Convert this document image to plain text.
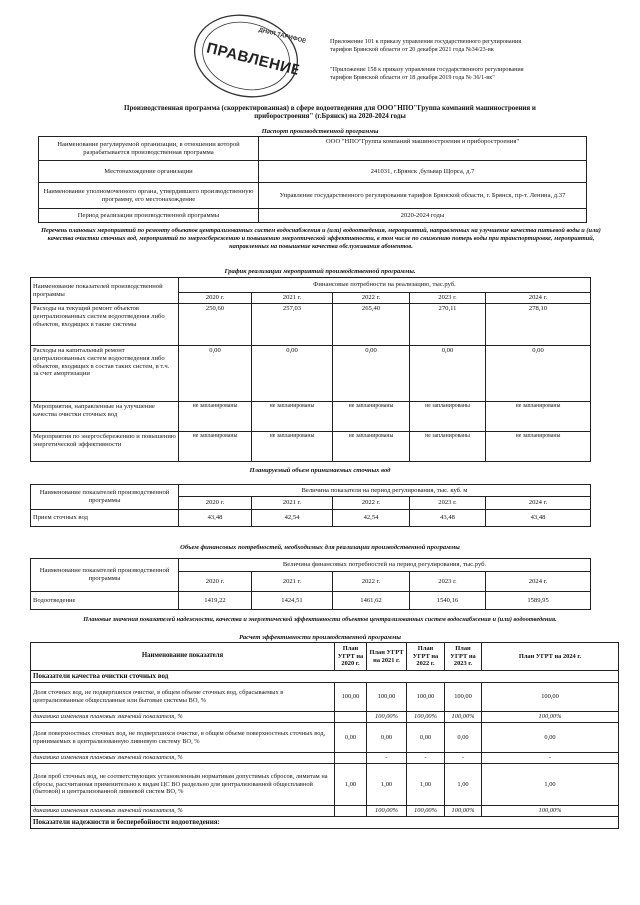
ПРАВЛЕНИЕ
ДНИЯ ТАРИФОВ	Приложение 101 к приказу управления государственного регулирования
тарифов Брянской области от 20 декабря 2021 года №34/23-вк
"Приложение 158 к приказу управления государственного регулирования
тарифов Брянской области от 18 декабря 2019 года № 36/1-вк"
Производственная программа (скорректированная) в сфере водоотведения для ООО"НПО"Группа компаний машиностроения и
приборостроения" (г.Брянск) на 2020-2024 годы
Паспорт производственной программы
Наименование регулируемой организации, в отношении которой разрабатывается производственная программа	ООО "НПО"Группа компаний машиностроения и приборостроения"
Местонахождение организации	241031, г.Брянск ,бульвар Щорса, д.7
Наименование уполномоченного органа, утвердившего производственную программу, его местонахождение	Управление государственного регулирования тарифов Брянской области, г. Брянск, пр-т. Ленина, д.37
Период реализации производственной программы	2020-2024 годы
Перечень плановых мероприятий по ремонту объектов централизованных систем водоснабжения и (или) водоотведения, мероприятий, направленных на улучшение качества питьевой воды и (или) качества очистки сточных вод, мероприятий по энергосбережению и повышению энергетической эффективности, в том числе по снижению потерь воды при транспортировке, мероприятий, направленных на повышение качества обслуживания абонентов.
График реализации мероприятий производственной программы.
Наименование показателей производственной программы	Финансовые потребности на реализацию, тыс.руб.				
	2020 г.	2021 г.	2022 г.	2023 г.	2024 г.
Расходы на текущий ремонт объектов централизованных систем водоотведения либо объектов, входящих в такие системы	250,60	257,03	265,40	270,11	278,10
Расходы на капитальный ремонт централизованных систем водоотведения либо объектов, входящих в состав таких систем, в т.ч. за счет амортизации	0,00	0,00	0,00	0,00	0,00
Мероприятия, направленные на улучшение качества очистки сточных вод	не запланированы	не запланированы	не запланированы	не запланированы	не запланированы
Мероприятия по энергосбережению и повышению энергетической эффективности	не запланированы	не запланированы	не запланированы	не запланированы	не запланированы
Планируемый объем принимаемых сточных вод
Наименование показателей производственной программы	Величина показателя на период регулирования, тыс. куб. м				
	2020 г.	2021 г.	2022 г.	2023 г.	2024 г.
Прием сточных вод	43,48	42,54	42,54	43,48	43,48
Объем финансовых потребностей, необходимых для реализации производственной программы
Наименование показателей производственной программы	Величина финансовых потребностей на период регулирования, тыс.руб.				
	2020 г.	2021 г.	2022 г.	2023 г.	2024 г.
Водоотведение	1419,22	1424,51	1461,62	1540,16	1589,95
Плановые значения показателей надежности, качества и энергетической эффективности объектов централизованных систем водоснабжения и (или) водоотведения.
Расчет эффективности производственной программы
Наименование показателя	План УГРТ на 2020 г.	План УГРТ на 2021 г.	План УГРТ на 2022 г.	План УГРТ на 2023 г.	План УГРТ на 2024 г.
Показатели качества очистки сточных вод					
Доля сточных вод, не подвергшихся очистке, в общем объеме сточных вод, сбрасываемых в централизованные общесплавные или бытовые системы ВО, %	100,00	100,00	100,00	100,00	100,00
динамика изменения плановых значений показателя, %		100,00%	100,00%	100,00%	100,00%
Доля поверхностных сточных вод, не подвергшихся очистке, в общем объеме поверхностных сточных вод, принимаемых в централизованную ливневую систему ВО, %	0,00	0,00	0,00	0,00	0,00
динамика изменения плановых значений показателя, %		-	-	-	-
Доля проб сточных вод, не соответствующих установленным нормативам допустимых сбросов, лимитам на сбросы, рассчитанная применительно к видам ЦС ВО раздельно для централизованной общесплавной (бытовой) и централизованной ливневой систем ВО, %	1,00	1,00	1,00	1,00	1,00
динамика изменения плановых значений показателя, %		100,00%	100,00%	100,00%	100,00%
Показатели надежности и бесперебойности водоотведения:					
